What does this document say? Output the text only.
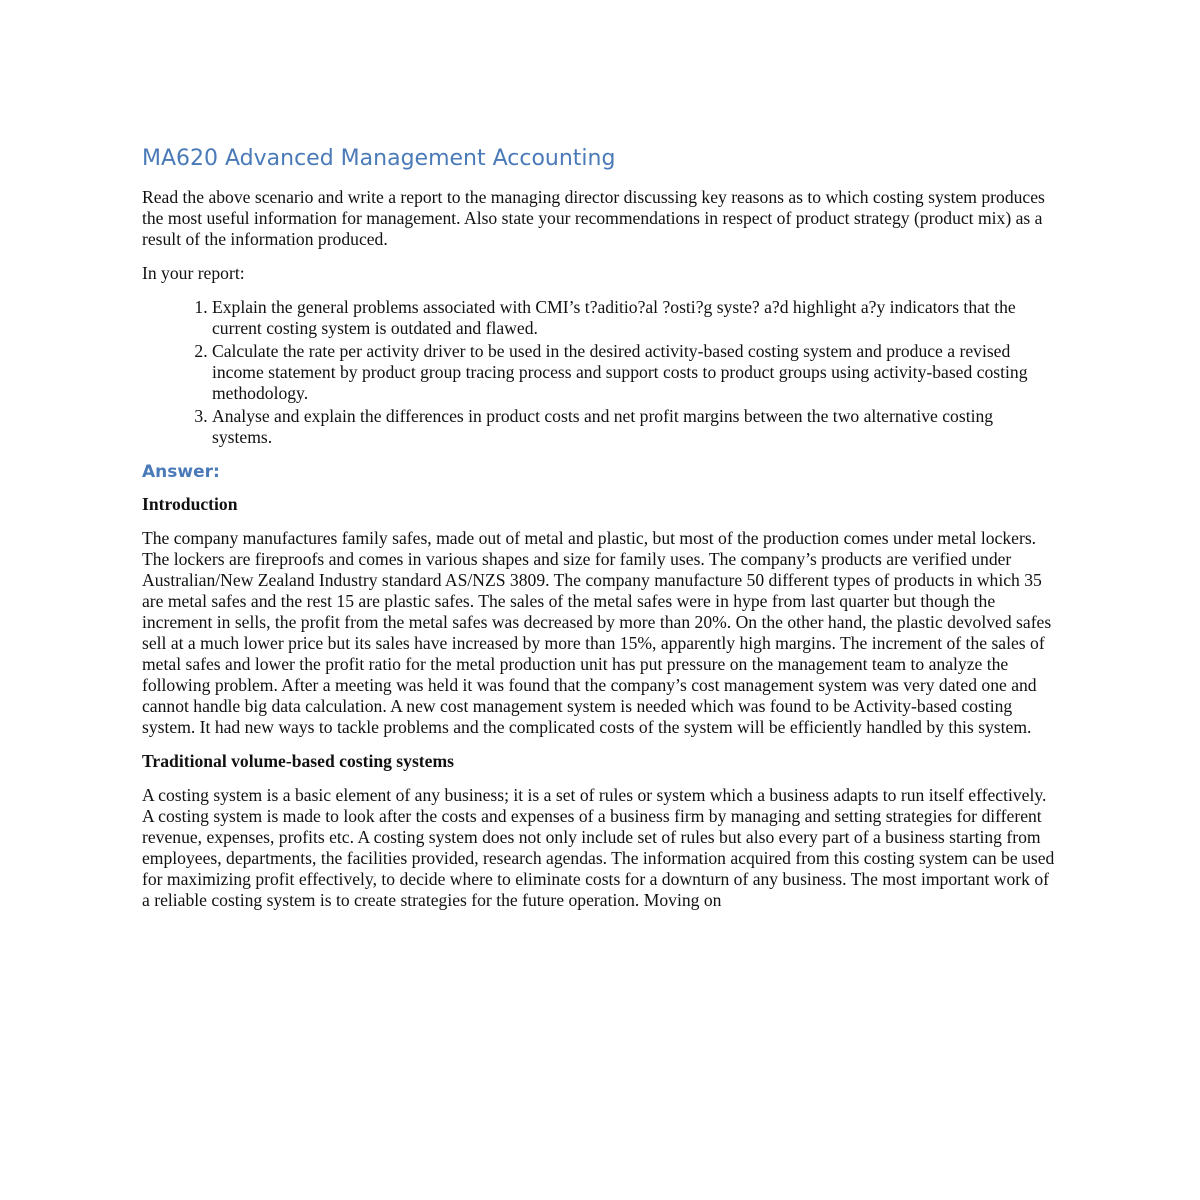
MA620 Advanced Management Accounting

Read the above scenario and write a report to the managing director discussing key reasons as to which costing system produces the most useful information for management. Also state your recommendations in respect of product strategy (product mix) as a result of the information produced.

In your report:

1. Explain the general problems associated with CMI’s t?aditio?al ?osti?g syste? a?d highlight a?y indicators that the current costing system is outdated and flawed.
2. Calculate the rate per activity driver to be used in the desired activity-based costing system and produce a revised income statement by product group tracing process and support costs to product groups using activity-based costing methodology.
3. Analyse and explain the differences in product costs and net profit margins between the two alternative costing systems.
Answer:
Introduction

The company manufactures family safes, made out of metal and plastic, but most of the production comes under metal lockers. The lockers are fireproofs and comes in various shapes and size for family uses. The company’s products are verified under Australian/New Zealand Industry standard AS/NZS 3809. The company manufacture 50 different types of products in which 35 are metal safes and the rest 15 are plastic safes. The sales of the metal safes were in hype from last quarter but though the increment in sells, the profit from the metal safes was decreased by more than 20%. On the other hand, the plastic devolved safes sell at a much lower price but its sales have increased by more than 15%, apparently high margins. The increment of the sales of metal safes and lower the profit ratio for the metal production unit has put pressure on the management team to analyze the following problem. After a meeting was held it was found that the company’s cost management system was very dated one and cannot handle big data calculation. A new cost management system is needed which was found to be Activity-based costing system. It had new ways to tackle problems and the complicated costs of the system will be efficiently handled by this system.

Traditional volume-based costing systems

A costing system is a basic element of any business; it is a set of rules or system which a business adapts to run itself effectively. A costing system is made to look after the costs and expenses of a business firm by managing and setting strategies for different revenue, expenses, profits etc. A costing system does not only include set of rules but also every part of a business starting from employees, departments, the facilities provided, research agendas. The information acquired from this costing system can be used for maximizing profit effectively, to decide where to eliminate costs for a downturn of any business. The most important work of a reliable costing system is to create strategies for the future operation. Moving on
